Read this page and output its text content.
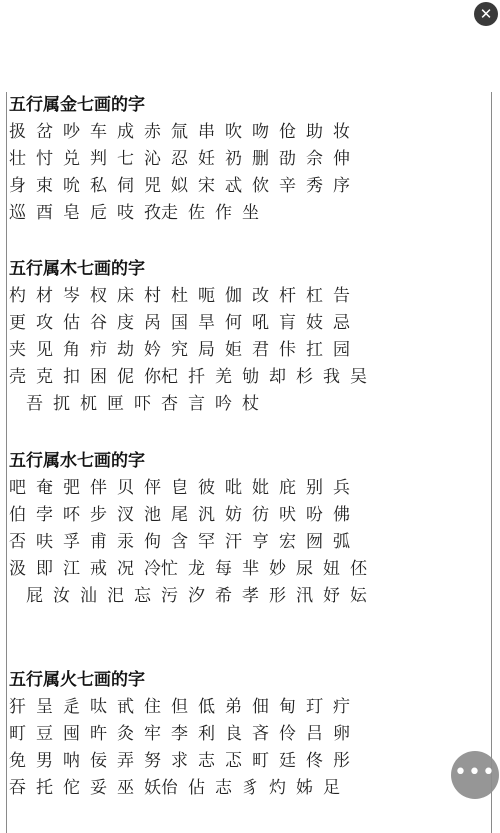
✕
五行属金七画的字
扱 岔 吵 车 成 赤 氚 串 吹 吻 伧 助 妆
壮 忖 兑 判 七 沁 忍 妊 礽 删 劭 佘 伸
身 束 吮 私 伺 兕 姒 宋 忒 佽 辛 秀 序
巡 酉 皂 卮 吱 孜走 佐 作 坐
五行属木七画的字
杓 材 岑 杈 床 村 杜 呃 伽 改 杆 杠 告
更 攻 估 谷 庋 呙 国 旱 何 吼 肓 妓 忌
夹 见 角 疖 劫 妗 究 局 姖 君 佧 扛 园
壳 克 扣 困 伲 你杞 扦 羌 劬 却 杉 我 吴
吾 扤 杌 匣 吓 杏 言 吟 杖
五行属水七画的字
吧 奄 弝 伴 贝 伻 皀 彼 吡 妣 庇 别 兵
伯 孛 吥 步 汊 池 尾 汎 妨 彷 吠 吩 佛
否 呋 孚 甫 汞 佝 含 罕 汗 亨 宏 囫 弧
汲 即 江 戒 况 冷忙 龙 每 芈 妙 尿 妞 伾
屁 汝 汕 汜 忘 污 汐 希 孝 形 汛 妤 妘
五行属火七画的字
犴 呈 辵 呔 甙 住 但 低 弟 佃 甸 玎 疔
町 豆 囤 旿 灸 牢 李 利 良 吝 伶 吕 卵
免 男 呐 佞 弄 努 求 志 忑 町 廷 佟 彤
吞 托 佗 妥 巫 妖佁 佔 志 豸 灼 姊 足
•••
